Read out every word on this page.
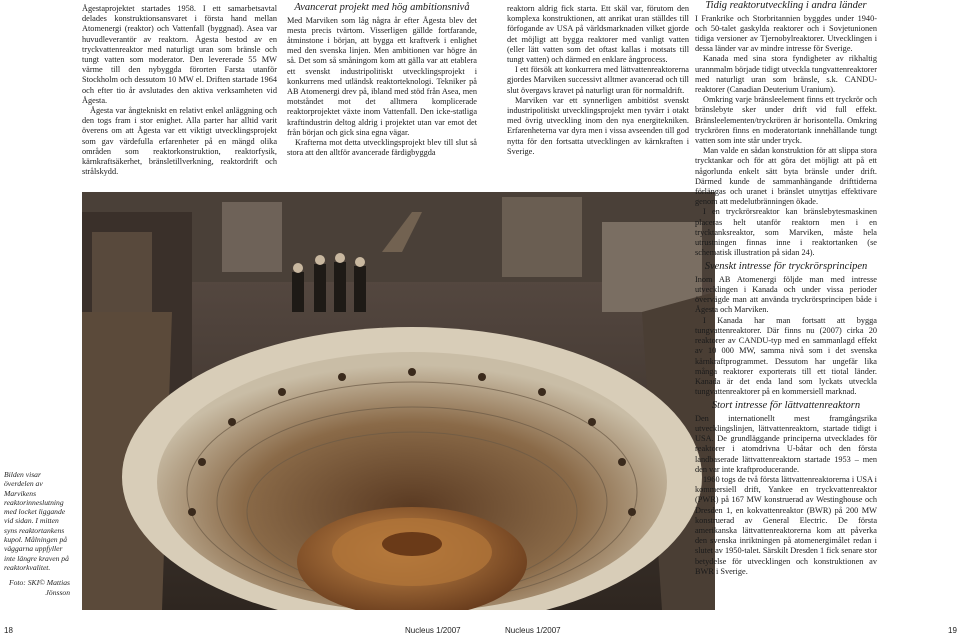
Ågestaprojektet startades 1958. I ett samarbetsavtal delades konstruktionsansvaret i första hand mellan Atomenergi (reaktor) och Vattenfall (byggnad). Asea var huvudleverantör av reaktorn. Ågesta bestod av en tryckvattenreaktor med naturligt uran som bränsle och tungt vatten som moderator. Den levererade 55 MW värme till den nybyggda förorten Farsta utanför Stockholm och dessutom 10 MW el. Driften startade 1964 och efter tio år avslutades den aktiva verksamheten vid Ågesta.

Ågesta var ångtekniskt en relativt enkel anläggning och den togs fram i stor enighet. Alla parter har alltid varit överens om att Ågesta var ett viktigt utvecklingsprojekt som gav värdefulla erfarenheter på en mängd olika områden som reaktorkonstruktion, reaktorfysik, kärnkraftsäkerhet, bränsletillverkning, reaktordrift och strålskydd.

Avancerat projekt med hög ambitionsnivå

Med Marviken som låg några år efter Ågesta blev det mesta precis tvärtom. Visserligen gällde fortfarande, åtminstone i början, att bygga ett kraftverk i enlighet med den svenska linjen. Men ambitionen var högre än så. Det som så småningom kom att gälla var att etablera ett svenskt industripolitiskt utvecklingsprojekt i konkurrens med utländsk reaktorteknologi. Tekniker på AB Atomenergi drev på, ibland med stöd från Asea, men motståndet mot det alltmera komplicerade reaktorprojektet växte inom Vattenfall. Den icke-statliga kraftindustrin deltog aldrig i projektet utan var emot det från början och gick sina egna vägar.

Krafterna mot detta utvecklingsprojekt blev till slut så stora att den alltför avancerade färdigbyggda

Bilden visar överdelen av Marvikens reaktorinneslutning med locket liggande vid sidan. I mitten syns reaktortankens kupol. Målningen på väggarna uppfyller inte längre kraven på reaktorkvalitet.
Foto: SKI© Mattias Jönsson
18	Nucleus 1/2007

reaktorn aldrig fick starta. Ett skäl var, förutom den komplexa konstruktionen, att anrikat uran ställdes till förfogande av USA på världsmarknaden vilket gjorde det möjligt att bygga reaktorer med vanligt vatten (eller lätt vatten som det oftast kallas i motsats till tungt vatten) och därmed en enklare ångprocess.

I ett försök att konkurrera med lättvattenreaktorerna gjordes Marviken successivt alltmer avancerad och till slut övergavs kravet på naturligt uran för normaldrift.

Marviken var ett synnerligen ambitiöst svenskt industripolitiskt utvecklingsprojekt men tyvärr i otakt med övrig utveckling inom den nya energitekniken. Erfarenheterna var dyra men i vissa avseenden till god nytta för den fortsatta utvecklingen av kärnkraften i Sverige.

Tidig reaktorutveckling i andra länder

I Frankrike och Storbritannien byggdes under 1940- och 50-talet gaskylda reaktorer och i Sovjetunionen tidiga versioner av Tjernobylreaktorer. Utvecklingen i dessa länder var av mindre intresse för Sverige.

Kanada med sina stora fyndigheter av rikhaltig urannmalm började tidigt utveckla tungvattenreaktorer med naturligt uran som bränsle, s.k. CANDU-reaktorer (Canadian Deuterium Uranium).

Omkring varje bränsleelement finns ett tryckrör och bränslebyte sker under drift vid full effekt. Bränsleelementen/tryckrören är horisontella. Omkring tryckrören finns en moderatortank innehållande tungt vatten som inte står under tryck.

Man valde en sådan konstruktion för att slippa stora trycktankar och för att göra det möjligt att på ett någorlunda enkelt sätt byta bränsle under drift. Därmed kunde de sammanhängande drifttiderna förlängas och uranet i bränslet utnyttjas effektivare genom att medelutbränningen ökade.

I en tryckrörsreaktor kan bränslebytesmaskinen placeras helt utanför reaktorn men i en trycktanksreaktor, som Marviken, måste hela utrustningen finnas inne i reaktortanken (se schematisk illustration på sidan 24).

Svenskt intresse för tryckrörsprincipen

Inom AB Atomenergi följde man med intresse utvecklingen i Kanada och under vissa perioder övervägde man att använda tryckrörsprincipen både i Ågesta och Marviken.

I Kanada har man fortsatt att bygga tungvattenreaktorer. Där finns nu (2007) cirka 20 reaktorer av CANDU-typ med en sammanlagd effekt av 10 000 MW, samma nivå som i det svenska kärnkraftprogrammet. Dessutom har ungefär lika många reaktorer exporterats till ett tiotal länder. Kanada är det enda land som lyckats utveckla tungvattenreaktorer på en kommersiell marknad.

Stort intresse för lättvattenreaktorn

Den internationellt mest framgångsrika utvecklingslinjen, lättvattenreaktorn, startade tidigt i USA. De grundläggande principerna utvecklades för reaktorer i atomdrivna U-båtar och den första landbaserade lättvattenreaktorn startade 1953 – men den var inte kraftproducerande.

1960 togs de två första lättvattenreaktorerna i USA i kommersiell drift, Yankee en tryckvattenreaktor (PWR) på 167 MW konstruerad av Westinghouse och Dresden 1, en kokvattenreaktor (BWR) på 200 MW konstruerad av General Electric. De första amerikanska lättvattenreaktorerna kom att påverka den svenska inriktningen på atomenergimålet redan i slutet av 1950-talet. Särskilt Dresden 1 fick senare stor betydelse för utvecklingen och konstruktionen av BWR i Sverige.

Nucleus 1/2007	19
